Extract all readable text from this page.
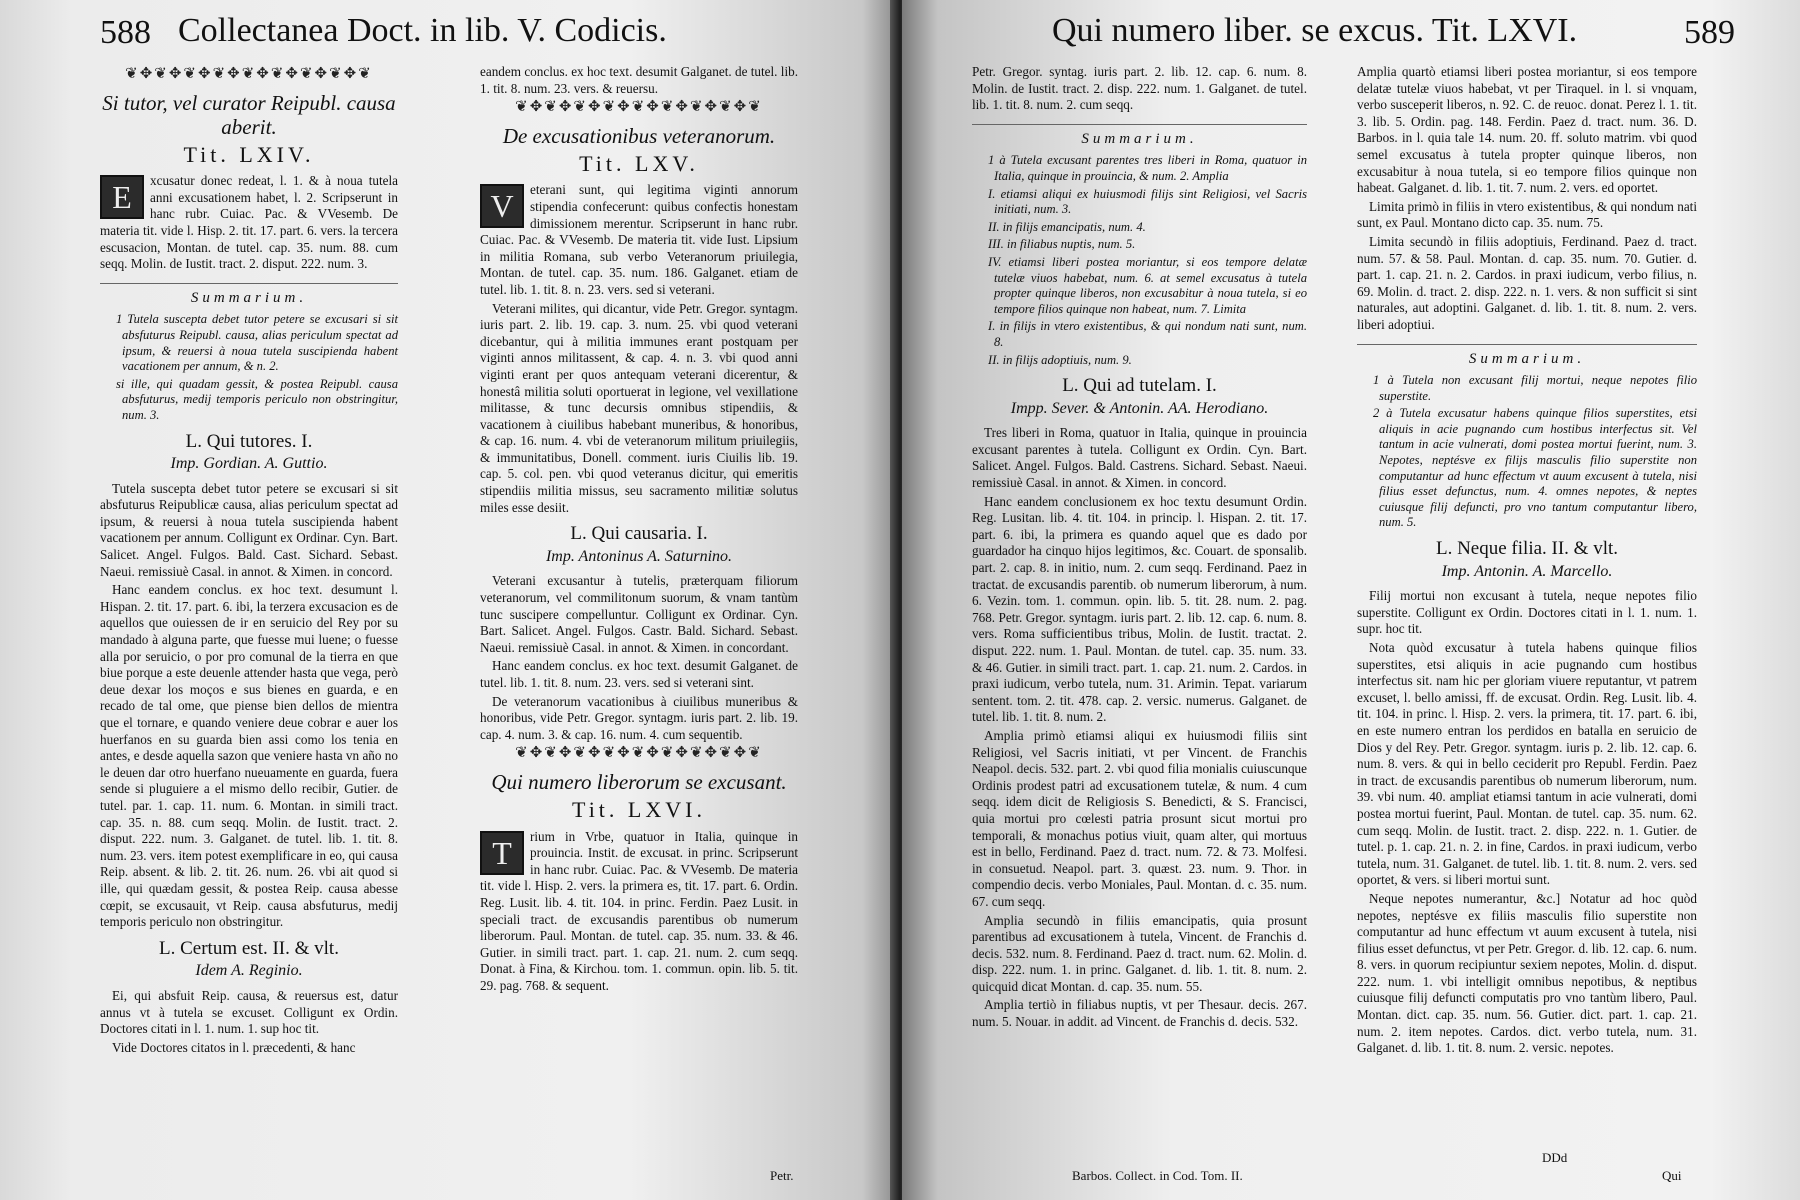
588 Collectanea Doct. in lib. V. Codicis.
❦✥❦✥❦✥❦✥❦✥❦✥❦✥❦✥❦
Si tutor, vel curator Reipubl. causa aberit.
Tit. LXIV.

E	xcusatur donec redeat, l. 1. & à noua tutela anni excusationem habet, l. 2. Scripserunt in hanc rubr. Cuiac. Pac. & VVesemb. De materia tit. vide l. Hisp. 2. tit. 17. part. 6. vers. la tercera escusacion, Montan. de tutel. cap. 35. num. 88. cum seqq. Molin. de Iustit. tract. 2. disput. 222. num. 3.

Summarium.
1 Tutela suscepta debet tutor petere se excusari si sit absfuturus Reipubl. causa, alias periculum spectat ad ipsum, & reuersi à noua tutela suscipienda habent vacationem per annum, & n. 2.
si ille, qui quadam gessit, & postea Reipubl. causa absfuturus, medij temporis periculo non obstringitur, num. 3.
L. Qui tutores. I.
Imp. Gordian. A. Guttio.

Tutela suscepta debet tutor petere se excusari si sit absfuturus Reipublicæ causa, alias periculum spectat ad ipsum, & reuersi à noua tutela suscipienda habent vacationem per annum. Colligunt ex Ordinar. Cyn. Bart. Salicet. Angel. Fulgos. Bald. Cast. Sichard. Sebast. Naeui. remissiuè Casal. in annot. & Ximen. in concord.

Hanc eandem conclus. ex hoc text. desumunt l. Hispan. 2. tit. 17. part. 6. ibi, la terzera excusacion es de aquellos que ouiessen de ir en seruicio del Rey por su mandado à alguna parte, que fuesse mui luene; o fuesse alla por seruicio, o por pro comunal de la tierra en que biue porque a este deuenle attender hasta que vega, però deue dexar los moços e sus bienes en guarda, e en recado de tal ome, que piense bien dellos de mientra que el tornare, e quando veniere deue cobrar e auer los huerfanos en su guarda bien assi como los tenia en antes, e desde aquella sazon que veniere hasta vn año no le deuen dar otro huerfano nueuamente en guarda, fuera sende si pluguiere a el mismo dello recibir, Gutier. de tutel. par. 1. cap. 11. num. 6. Montan. in simili tract. cap. 35. n. 88. cum seqq. Molin. de Iustit. tract. 2. disput. 222. num. 3. Galganet. de tutel. lib. 1. tit. 8. num. 23. vers. item potest exemplificare in eo, qui causa Reip. absent. & lib. 2. tit. 26. num. 26. vbi ait quod si ille, qui quædam gessit, & postea Reip. causa abesse cœpit, se excusauit, vt Reip. causa absfuturus, medij temporis periculo non obstringitur.

L. Certum est. II. & vlt.
Idem A. Reginio.

Ei, qui absfuit Reip. causa, & reuersus est, datur annus vt à tutela se excuset. Colligunt ex Ordin. Doctores citati in l. 1. num. 1. sup hoc tit.

Vide Doctores citatos in l. præcedenti, & hanc

eandem conclus. ex hoc text. desumit Galganet. de tutel. lib. 1. tit. 8. num. 23. vers. & reuersu.

❦✥❦✥❦✥❦✥❦✥❦✥❦✥❦✥❦
De excusationibus veteranorum.
Tit. LXV.

V	eterani sunt, qui legitima viginti annorum stipendia confecerunt: quibus confectis honestam dimissionem merentur. Scripserunt in hanc rubr. Cuiac. Pac. & VVesemb. De materia tit. vide Iust. Lipsium in militia Romana, sub verbo Veteranorum priuilegia, Montan. de tutel. cap. 35. num. 186. Galganet. etiam de tutel. lib. 1. tit. 8. n. 23. vers. sed si veterani.

Veterani milites, qui dicantur, vide Petr. Gregor. syntagm. iuris part. 2. lib. 19. cap. 3. num. 25. vbi quod veterani dicebantur, qui à militia immunes erant postquam per viginti annos militassent, & cap. 4. n. 3. vbi quod anni viginti erant per quos antequam veterani dicerentur, & honestâ militia soluti oportuerat in legione, vel vexillatione militasse, & tunc decursis omnibus stipendiis, & vacationem à ciuilibus habebant muneribus, & honoribus, & cap. 16. num. 4. vbi de veteranorum militum priuilegiis, & immunitatibus, Donell. comment. iuris Ciuilis lib. 19. cap. 5. col. pen. vbi quod veteranus dicitur, qui emeritis stipendiis militia missus, seu sacramento militiæ solutus miles esse desiit.

L. Qui causaria. I.
Imp. Antoninus A. Saturnino.

Veterani excusantur à tutelis, præterquam filiorum veteranorum, vel commilitonum suorum, & vnam tantùm tunc suscipere compelluntur. Colligunt ex Ordinar. Cyn. Bart. Salicet. Angel. Fulgos. Castr. Bald. Sichard. Sebast. Naeui. remissiuè Casal. in annot. & Ximen. in concordant.

Hanc eandem conclus. ex hoc text. desumit Galganet. de tutel. lib. 1. tit. 8. num. 23. vers. sed si veterani sint.

De veteranorum vacationibus à ciuilibus muneribus & honoribus, vide Petr. Gregor. syntagm. iuris part. 2. lib. 19. cap. 4. num. 3. & cap. 16. num. 4. cum sequentib.

❦✥❦✥❦✥❦✥❦✥❦✥❦✥❦✥❦
Qui numero liberorum se excusant.
Tit. LXVI.

T	rium in Vrbe, quatuor in Italia, quinque in prouincia. Instit. de excusat. in princ. Scripserunt in hanc rubr. Cuiac. Pac. & VVesemb. De materia tit. vide l. Hisp. 2. vers. la primera es, tit. 17. part. 6. Ordin. Reg. Lusit. lib. 4. tit. 104. in princ. Ferdin. Paez Lusit. in speciali tract. de excusandis parentibus ob numerum liberorum. Paul. Montan. de tutel. cap. 35. num. 33. & 46. Gutier. in simili tract. part. 1. cap. 21. num. 2. cum seqq. Donat. à Fina, & Kirchou. tom. 1. commun. opin. lib. 5. tit. 29. pag. 768. & sequent.

Petr.
Qui numero liber. se excus. Tit. LXVI.	589

Petr. Gregor. syntag. iuris part. 2. lib. 12. cap. 6. num. 8. Molin. de Iustit. tract. 2. disp. 222. num. 1. Galganet. de tutel. lib. 1. tit. 8. num. 2. cum seqq.

Summarium.
1 à Tutela excusant parentes tres liberi in Roma, quatuor in Italia, quinque in prouincia, & num. 2. Amplia
I. etiamsi aliqui ex huiusmodi filijs sint Religiosi, vel Sacris initiati, num. 3.
II. in filijs emancipatis, num. 4.
III. in filiabus nuptis, num. 5.
IV. etiamsi liberi postea moriantur, si eos tempore delatæ tutelæ viuos habebat, num. 6. at semel excusatus à tutela propter quinque liberos, non excusabitur à noua tutela, si eo tempore filios quinque non habeat, num. 7. Limita
I. in filijs in vtero existentibus, & qui nondum nati sunt, num. 8.
II. in filijs adoptiuis, num. 9.
L. Qui ad tutelam. I.
Impp. Sever. & Antonin. AA. Herodiano.

Tres liberi in Roma, quatuor in Italia, quinque in prouincia excusant parentes à tutela. Colligunt ex Ordin. Cyn. Bart. Salicet. Angel. Fulgos. Bald. Castrens. Sichard. Sebast. Naeui. remissiuè Casal. in annot. & Ximen. in concord.

Hanc eandem conclusionem ex hoc textu desumunt Ordin. Reg. Lusitan. lib. 4. tit. 104. in princip. l. Hispan. 2. tit. 17. part. 6. ibi, la primera es quando aquel que es dado por guardador ha cinquo hijos legitimos, &c. Couart. de sponsalib. part. 2. cap. 8. in initio, num. 2. cum seqq. Ferdinand. Paez in tractat. de excusandis parentib. ob numerum liberorum, à num. 6. Vezin. tom. 1. commun. opin. lib. 5. tit. 28. num. 2. pag. 768. Petr. Gregor. syntagm. iuris part. 2. lib. 12. cap. 6. num. 8. vers. Roma sufficientibus tribus, Molin. de Iustit. tractat. 2. disput. 222. num. 1. Paul. Montan. de tutel. cap. 35. num. 33. & 46. Gutier. in simili tract. part. 1. cap. 21. num. 2. Cardos. in praxi iudicum, verbo tutela, num. 31. Arimin. Tepat. variarum sentent. tom. 2. tit. 478. cap. 2. versic. numerus. Galganet. de tutel. lib. 1. tit. 8. num. 2.

Amplia primò etiamsi aliqui ex huiusmodi filiis sint Religiosi, vel Sacris initiati, vt per Vincent. de Franchis Neapol. decis. 532. part. 2. vbi quod filia monialis cuiuscunque Ordinis prodest patri ad excusationem tutelæ, & num. 4 cum seqq. idem dicit de Religiosis S. Benedicti, & S. Francisci, quia mortui pro cœlesti patria prosunt sicut mortui pro temporali, & monachus potius viuit, quam alter, qui mortuus est in bello, Ferdinand. Paez d. tract. num. 72. & 73. Molfesi. in consuetud. Neapol. part. 3. quæst. 23. num. 9. Thor. in compendio decis. verbo Moniales, Paul. Montan. d. c. 35. num. 67. cum seqq.

Amplia secundò in filiis emancipatis, quia prosunt parentibus ad excusationem à tutela, Vincent. de Franchis d. decis. 532. num. 8. Ferdinand. Paez d. tract. num. 62. Molin. d. disp. 222. num. 1. in princ. Galganet. d. lib. 1. tit. 8. num. 2. quicquid dicat Montan. d. cap. 35. num. 55.

Amplia tertiò in filiabus nuptis, vt per Thesaur. decis. 267. num. 5. Nouar. in addit. ad Vincent. de Franchis d. decis. 532.

Barbos. Collect. in Cod. Tom. II.

Amplia quartò etiamsi liberi postea moriantur, si eos tempore delatæ tutelæ viuos habebat, vt per Tiraquel. in l. si vnquam, verbo susceperit liberos, n. 92. C. de reuoc. donat. Perez l. 1. tit. 3. lib. 5. Ordin. pag. 148. Ferdin. Paez d. tract. num. 36. D. Barbos. in l. quia tale 14. num. 20. ff. soluto matrim. vbi quod semel excusatus à tutela propter quinque liberos, non excusabitur à noua tutela, si eo tempore filios quinque non habeat. Galganet. d. lib. 1. tit. 7. num. 2. vers. ed oportet.

Limita primò in filiis in vtero existentibus, & qui nondum nati sunt, ex Paul. Montano dicto cap. 35. num. 75.

Limita secundò in filiis adoptiuis, Ferdinand. Paez d. tract. num. 57. & 58. Paul. Montan. d. cap. 35. num. 70. Gutier. d. part. 1. cap. 21. n. 2. Cardos. in praxi iudicum, verbo filius, n. 69. Molin. d. tract. 2. disp. 222. n. 1. vers. & non sufficit si sint naturales, aut adoptini. Galganet. d. lib. 1. tit. 8. num. 2. vers. liberi adoptiui.

Summarium.
1 à Tutela non excusant filij mortui, neque nepotes filio superstite.
2 à Tutela excusatur habens quinque filios superstites, etsi aliquis in acie pugnando cum hostibus interfectus sit. Vel tantum in acie vulnerati, domi postea mortui fuerint, num. 3. Nepotes, neptésve ex filijs masculis filio superstite non computantur ad hunc effectum vt auum excusent à tutela, nisi filius esset defunctus, num. 4. omnes nepotes, & neptes cuiusque filij defuncti, pro vno tantum computantur libero, num. 5.
L. Neque filia. II. & vlt.
Imp. Antonin. A. Marcello.

Filij mortui non excusant à tutela, neque nepotes filio superstite. Colligunt ex Ordin. Doctores citati in l. 1. num. 1. supr. hoc tit.

Nota quòd excusatur à tutela habens quinque filios superstites, etsi aliquis in acie pugnando cum hostibus interfectus sit. nam hic per gloriam viuere reputantur, vt patrem excuset, l. bello amissi, ff. de excusat. Ordin. Reg. Lusit. lib. 4. tit. 104. in princ. l. Hisp. 2. vers. la primera, tit. 17. part. 6. ibi, en este numero entran los perdidos en batalla en seruicio de Dios y del Rey. Petr. Gregor. syntagm. iuris p. 2. lib. 12. cap. 6. num. 8. vers. & qui in bello ceciderit pro Republ. Ferdin. Paez in tract. de excusandis parentibus ob numerum liberorum, num. 39. vbi num. 40. ampliat etiamsi tantum in acie vulnerati, domi postea mortui fuerint, Paul. Montan. de tutel. cap. 35. num. 62. cum seqq. Molin. de Iustit. tract. 2. disp. 222. n. 1. Gutier. de tutel. p. 1. cap. 21. n. 2. in fine, Cardos. in praxi iudicum, verbo tutela, num. 31. Galganet. de tutel. lib. 1. tit. 8. num. 2. vers. sed oportet, & vers. si liberi mortui sunt.

Neque nepotes numerantur, &c.] Notatur ad hoc quòd nepotes, neptésve ex filiis masculis filio superstite non computantur ad hunc effectum vt auum excusent à tutela, nisi filius esset defunctus, vt per Petr. Gregor. d. lib. 12. cap. 6. num. 8. vers. in quorum recipiuntur sexiem nepotes, Molin. d. disput. 222. num. 1. vbi intelligit omnibus nepotibus, & neptibus cuiusque filij defuncti computatis pro vno tantùm libero, Paul. Montan. dict. cap. 35. num. 56. Gutier. dict. part. 1. cap. 21. num. 2. item nepotes. Cardos. dict. verbo tutela, num. 31. Galganet. d. lib. 1. tit. 8. num. 2. versic. nepotes.

DDd
Qui
